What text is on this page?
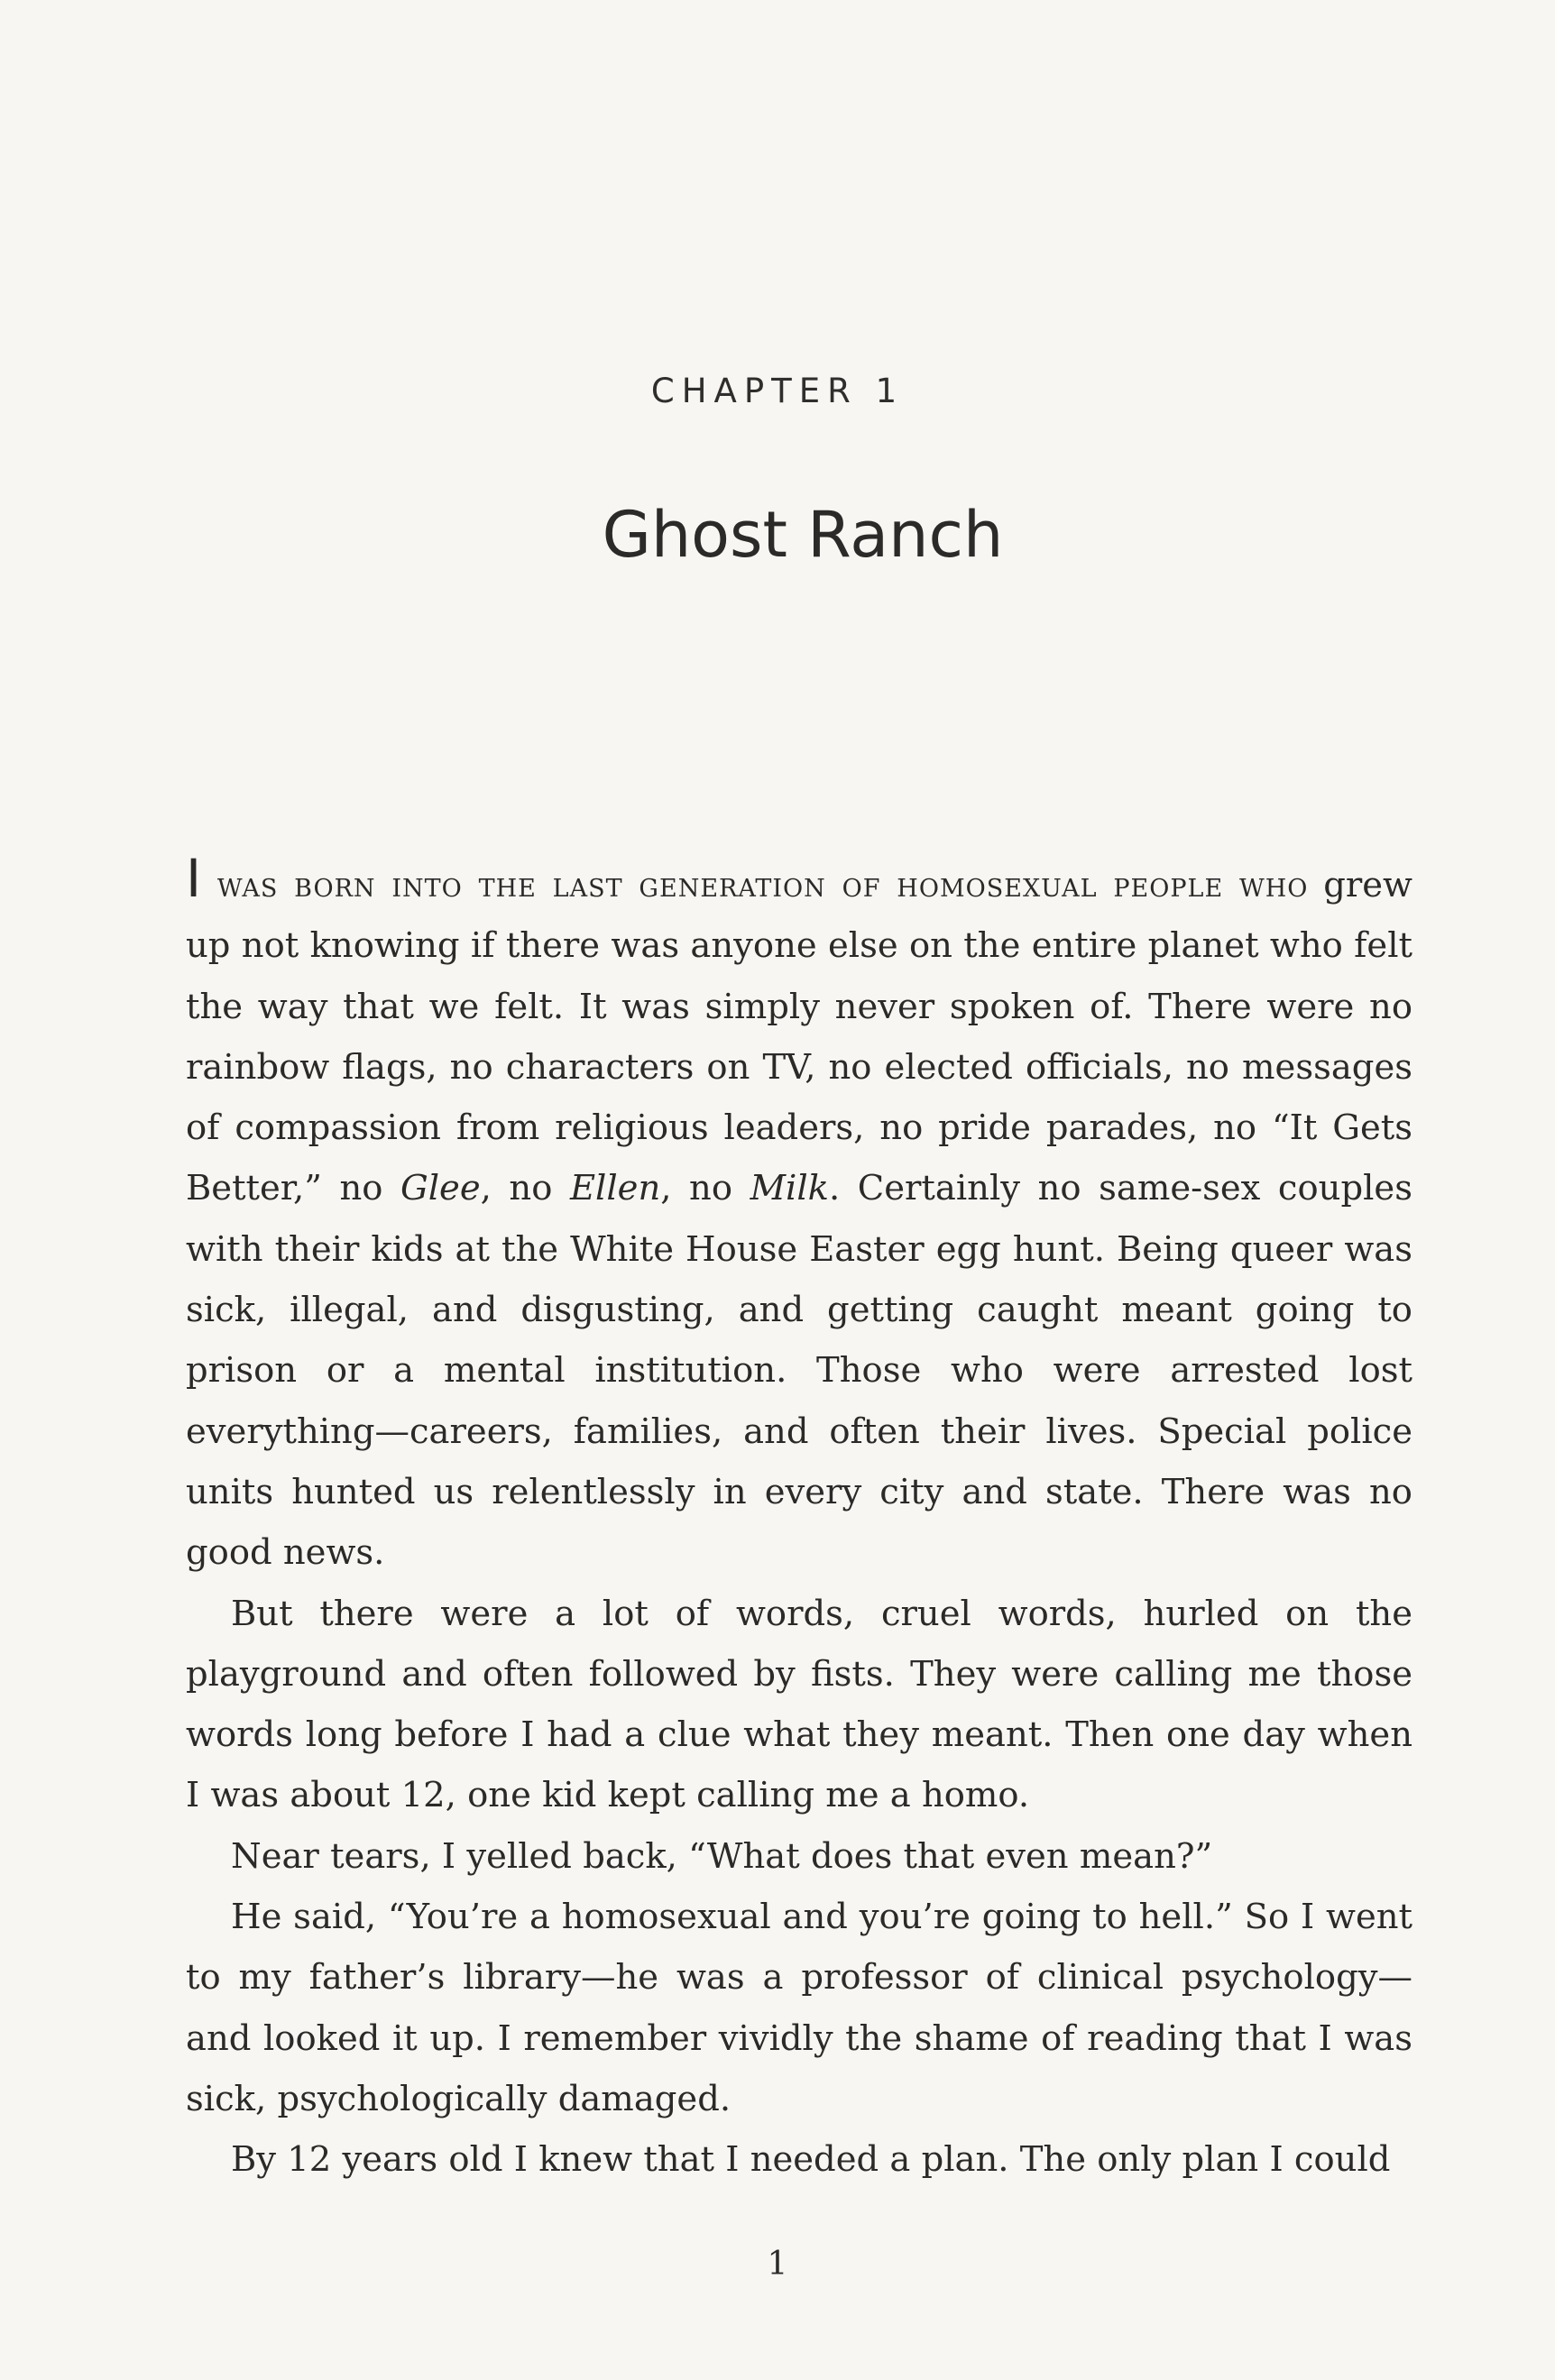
CHAPTER 1
Ghost Ranch

I was born into the last generation of homosexual people who grew up not knowing if there was anyone else on the entire planet who felt the way that we felt. It was simply never spoken of. There were no rainbow flags, no characters on TV, no elected officials, no messages of compassion from religious leaders, no pride parades, no “It Gets Better,” no Glee, no Ellen, no Milk. Certainly no same-sex couples with their kids at the White House Easter egg hunt. Being queer was sick, illegal, and disgusting, and getting caught meant going to prison or a mental institution. Those who were arrested lost everything—careers, families, and often their lives. Special police units hunted us relentlessly in every city and state. There was no good news.

But there were a lot of words, cruel words, hurled on the playground and often followed by fists. They were calling me those words long before I had a clue what they meant. Then one day when I was about 12, one kid kept calling me a homo.

Near tears, I yelled back, “What does that even mean?”

He said, “You’re a homosexual and you’re going to hell.” So I went to my father’s library—he was a professor of clinical psychology—and looked it up. I remember vividly the shame of reading that I was sick, psychologically damaged.

By 12 years old I knew that I needed a plan. The only plan I could

1
